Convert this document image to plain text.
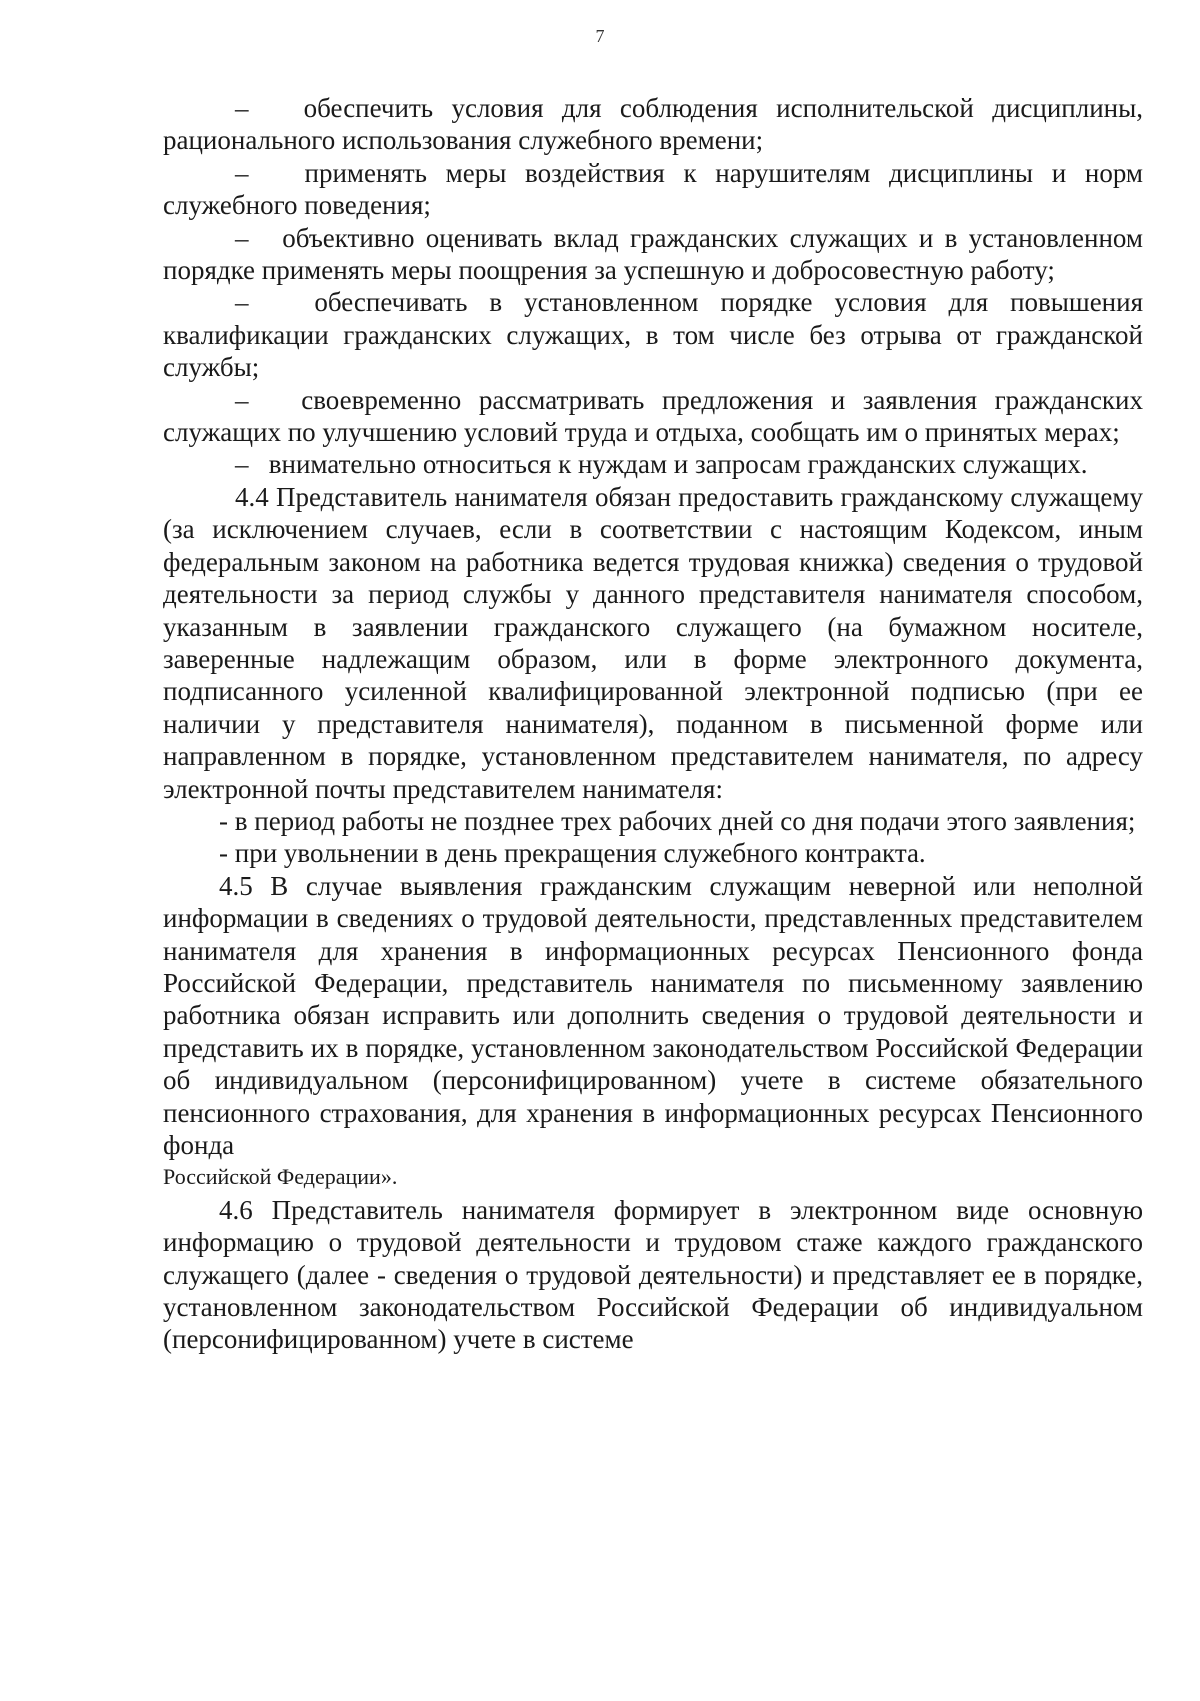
7

–   обеспечить условия для соблюдения исполнительской дисциплины, рационального использования служебного времени;

–   применять меры воздействия к нарушителям дисциплины и норм служебного поведения;

–   объективно оценивать вклад гражданских служащих и в установленном порядке применять меры поощрения за успешную и добросовестную работу;

–   обеспечивать в установленном порядке условия для повышения квалификации гражданских служащих, в том числе без отрыва от гражданской службы;

–   своевременно рассматривать предложения и заявления гражданских служащих по улучшению условий труда и отдыха, сообщать им о принятых мерах;

–   внимательно относиться к нуждам и запросам гражданских служащих.

4.4 Представитель нанимателя обязан предоставить гражданскому служащему (за исключением случаев, если в соответствии с настоящим Кодексом, иным федеральным законом на работника ведется трудовая книжка) сведения о трудовой деятельности за период службы у данного представителя нанимателя способом, указанным в заявлении гражданского служащего (на бумажном носителе, заверенные надлежащим образом, или в форме электронного документа, подписанного усиленной квалифицированной электронной подписью (при ее наличии у представителя нанимателя), поданном в письменной форме или направленном в порядке, установленном представителем нанимателя, по адресу электронной почты представителем нанимателя:

- в период работы не позднее трех рабочих дней со дня подачи этого заявления;

- при увольнении в день прекращения служебного контракта.

4.5 В случае выявления гражданским служащим неверной или неполной информации в сведениях о трудовой деятельности, представленных представителем нанимателя для хранения в информационных ресурсах Пенсионного фонда Российской Федерации, представитель нанимателя по письменному заявлению работника обязан исправить или дополнить сведения о трудовой деятельности и представить их в порядке, установленном законодательством Российской Федерации об индивидуальном (персонифицированном) учете в системе обязательного пенсионного страхования, для хранения в информационных ресурсах Пенсионного фонда

Российской Федерации».

4.6 Представитель нанимателя формирует в электронном виде основную информацию о трудовой деятельности и трудовом стаже каждого гражданского служащего (далее - сведения о трудовой деятельности) и представляет ее в порядке, установленном законодательством Российской Федерации об индивидуальном (персонифицированном) учете в системе
